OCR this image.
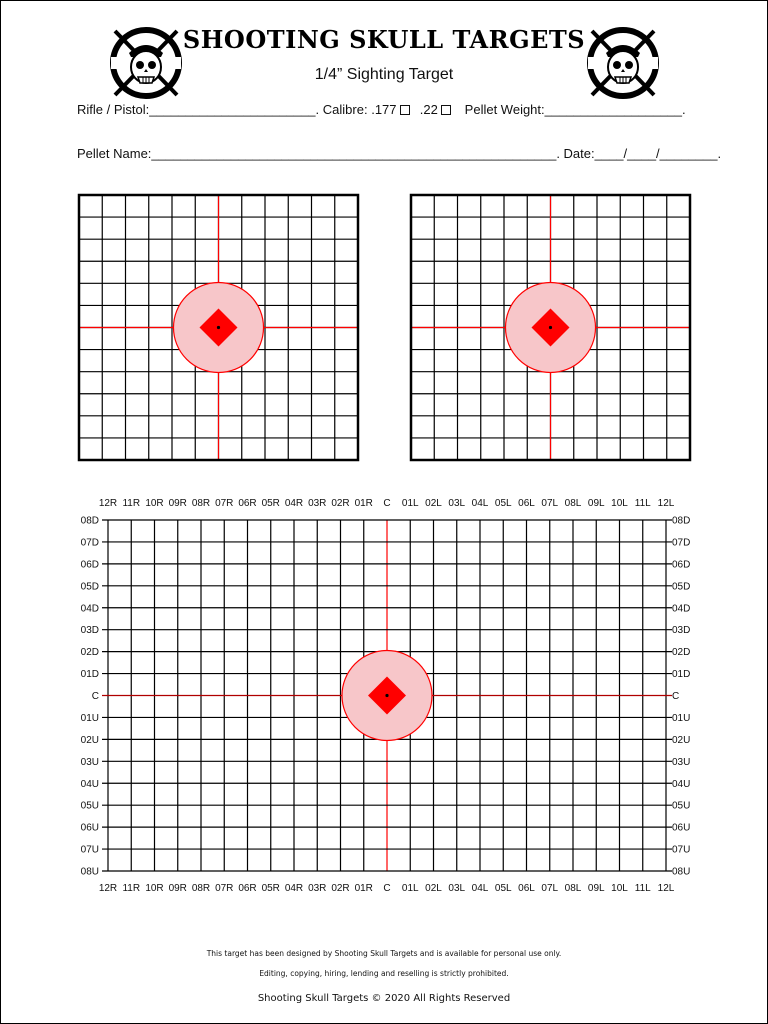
SHOOTING SKULL TARGETS
1/4” Sighting Target
Rifle / Pistol:_______________________. Calibre: .177 .22 Pellet Weight:___________________.
Pellet Name:________________________________________________________. Date:____/____/________.
12R
12R
11R
11R
10R
10R
09R
09R
08R
08R
07R
07R
06R
06R
05R
05R
04R
04R
03R
03R
02R
02R
01R
01R
C
C
01L
01L
02L
02L
03L
03L
04L
04L
05L
05L
06L
06L
07L
07L
08L
08L
09L
09L
10L
10L
11L
11L
12L
12L
08D	08D
07D	07D
06D	06D
05D	05D
04D	04D
03D	03D
02D	02D
01D	01D
C	C
01U	01U
02U	02U
03U	03U
04U	04U
05U	05U
06U	06U
07U	07U
08U	08U
This target has been designed by Shooting Skull Targets and is available for personal use only.
Editing, copying, hiring, lending and reselling is strictly prohibited.
Shooting Skull Targets © 2020 All Rights Reserved
